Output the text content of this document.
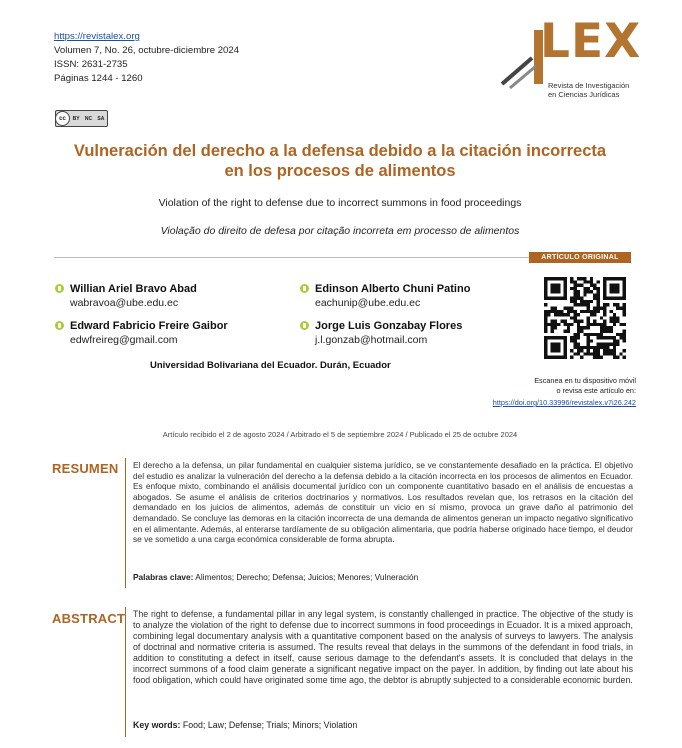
https://revistalex.org
Volumen 7, No. 26, octubre-diciembre 2024
ISSN: 2631-2735
Páginas 1244 - 1260
cc	BY NC SA
LEX
Revista de Investigación
en Ciencias Jurídicas
Vulneración del derecho a la defensa debido a la citación incorrecta
en los procesos de alimentos
Violation of the right to defense due to incorrect summons in food proceedings
Violação do direito de defesa por citação incorreta em processo de alimentos
ARTÍCULO ORIGINAL
Willian Ariel Bravo Abad
wabravoa@ube.edu.ec
Edinson Alberto Chuni Patino
eachunip@ube.edu.ec
Edward Fabricio Freire Gaibor
edwfreireg@gmail.com
Jorge Luis Gonzabay Flores
j.l.gonzab@hotmail.com
Universidad Bolivariana del Ecuador. Durán, Ecuador
Escanea en tu dispositivo móvil
o revisa este artículo en:
https://doi.org/10.33996/revistalex.v7i26.242
Artículo recibido el 2 de agosto 2024 / Arbitrado el 5 de septiembre 2024 / Publicado el 25 de octubre 2024
RESUMEN El derecho a la defensa, un pilar fundamental en cualquier sistema jurídico, se ve constantemente desafiado en la práctica. El objetivo del estudio es analizar la vulneración del derecho a la defensa debido a la citación incorrecta en los procesos de alimentos en Ecuador. Es enfoque mixto, combinando el análisis documental jurídico con un componente cuantitativo basado en el análisis de encuestas a abogados. Se asume el análisis de criterios doctrinarios y normativos. Los resultados revelan que, los retrasos en la citación del demandado en los juicios de alimentos, además de constituir un vicio en sí mismo, provoca un grave daño al patrimonio del demandado. Se concluye las demoras en la citación incorrecta de una demanda de alimentos generan un impacto negativo significativo en el alimentante. Además, al enterarse tardíamente de su obligación alimentaria, que podría haberse originado hace tiempo, el deudor se ve sometido a una carga económica considerable de forma abrupta.
Palabras clave: Alimentos; Derecho; Defensa; Juicios; Menores; Vulneración
ABSTRACT The right to defense, a fundamental pillar in any legal system, is constantly challenged in practice. The objective of the study is to analyze the violation of the right to defense due to incorrect summons in food proceedings in Ecuador. It is a mixed approach, combining legal documentary analysis with a quantitative component based on the analysis of surveys to lawyers. The analysis of doctrinal and normative criteria is assumed. The results reveal that delays in the summons of the defendant in food trials, in addition to constituting a defect in itself, cause serious damage to the defendant's assets. It is concluded that delays in the incorrect summons of a food claim generate a significant negative impact on the payer. In addition, by finding out late about his food obligation, which could have originated some time ago, the debtor is abruptly subjected to a considerable economic burden.
Key words: Food; Law; Defense; Trials; Minors; Violation
